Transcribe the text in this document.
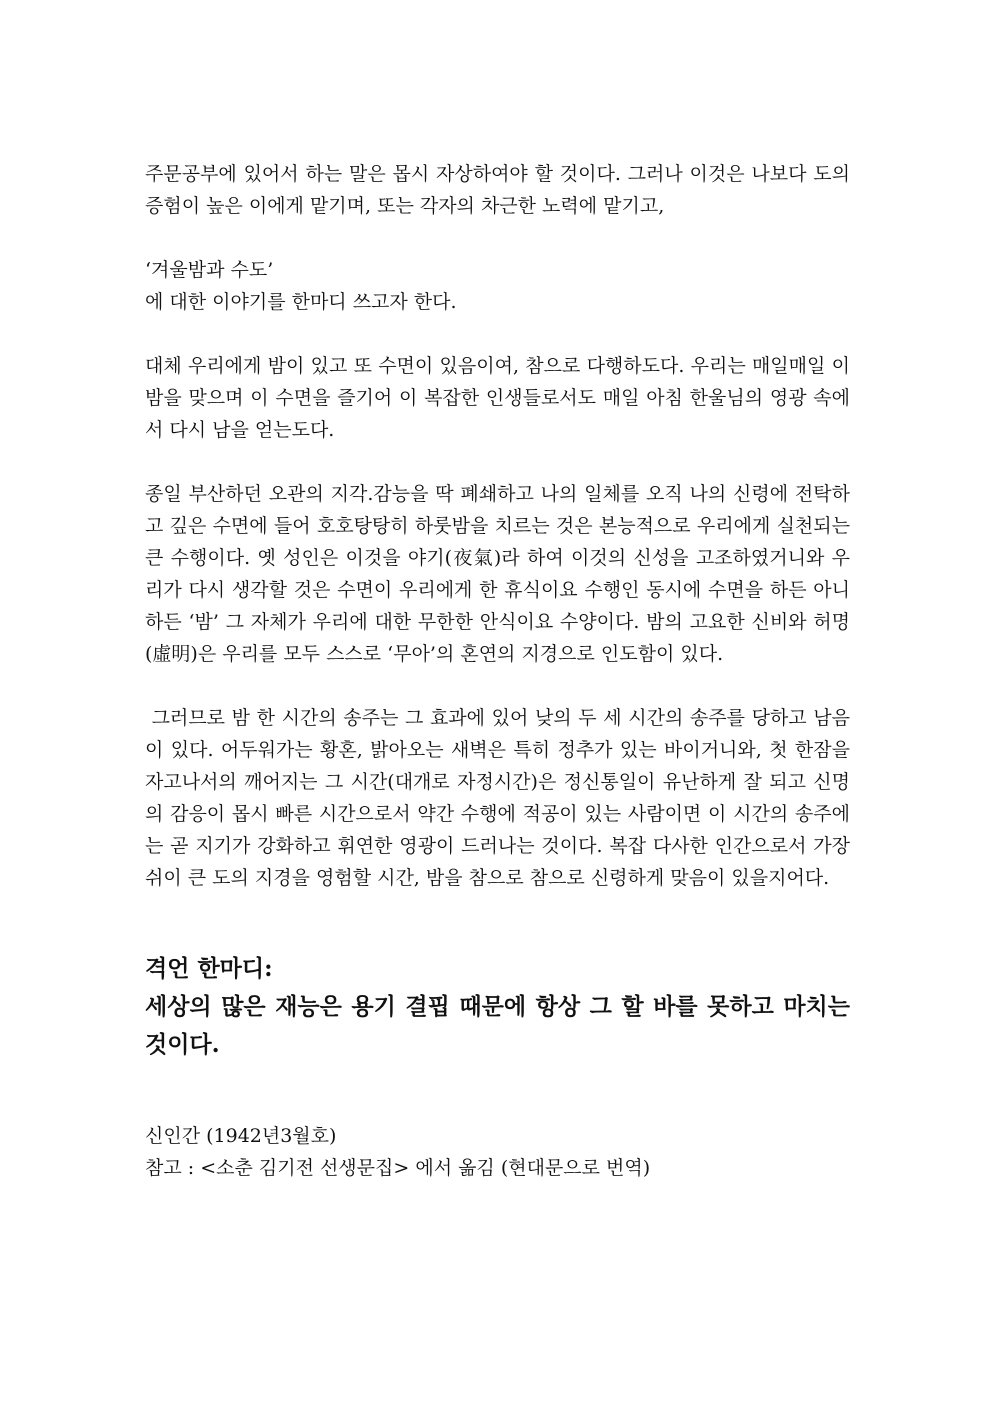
주문공부에 있어서 하는 말은 몹시 자상하여야 할 것이다. 그러나 이것은 나보다 도의 증험이 높은 이에게 맡기며, 또는 각자의 차근한 노력에 맡기고,

‘겨울밤과 수도’

에 대한 이야기를 한마디 쓰고자 한다.

대체 우리에게 밤이 있고 또 수면이 있음이여, 참으로 다행하도다. 우리는 매일매일 이 밤을 맞으며 이 수면을 즐기어 이 복잡한 인생들로서도 매일 아침 한울님의 영광 속에서 다시 남을 얻는도다.

종일 부산하던 오관의 지각.감능을 딱 폐쇄하고 나의 일체를 오직 나의 신령에 전탁하고 깊은 수면에 들어 호호탕탕히 하룻밤을 치르는 것은 본능적으로 우리에게 실천되는 큰 수행이다. 옛 성인은 이것을 야기(夜氣)라 하여 이것의 신성을 고조하였거니와 우리가 다시 생각할 것은 수면이 우리에게 한 휴식이요 수행인 동시에 수면을 하든 아니하든 ‘밤’ 그 자체가 우리에 대한 무한한 안식이요 수양이다. 밤의 고요한 신비와 허명(虛明)은 우리를 모두 스스로 ‘무아’의 혼연의 지경으로 인도함이 있다.

그러므로 밤 한 시간의 송주는 그 효과에 있어 낮의 두 세 시간의 송주를 당하고 남음이 있다. 어두워가는 황혼, 밝아오는 새벽은 특히 정추가 있는 바이거니와, 첫 한잠을 자고나서의 깨어지는 그 시간(대개로 자정시간)은 정신통일이 유난하게 잘 되고 신명의 감응이 몹시 빠른 시간으로서 약간 수행에 적공이 있는 사람이면 이 시간의 송주에는 곧 지기가 강화하고 휘연한 영광이 드러나는 것이다. 복잡 다사한 인간으로서 가장 쉬이 큰 도의 지경을 영험할 시간, 밤을 참으로 참으로 신령하게 맞음이 있을지어다.

격언 한마디:

세상의 많은 재능은 용기 결핍 때문에 항상 그 할 바를 못하고 마치는 것이다.

신인간 (1942년3월호)

참고 : <소춘 김기전 선생문집> 에서 옮김 (현대문으로 번역)
